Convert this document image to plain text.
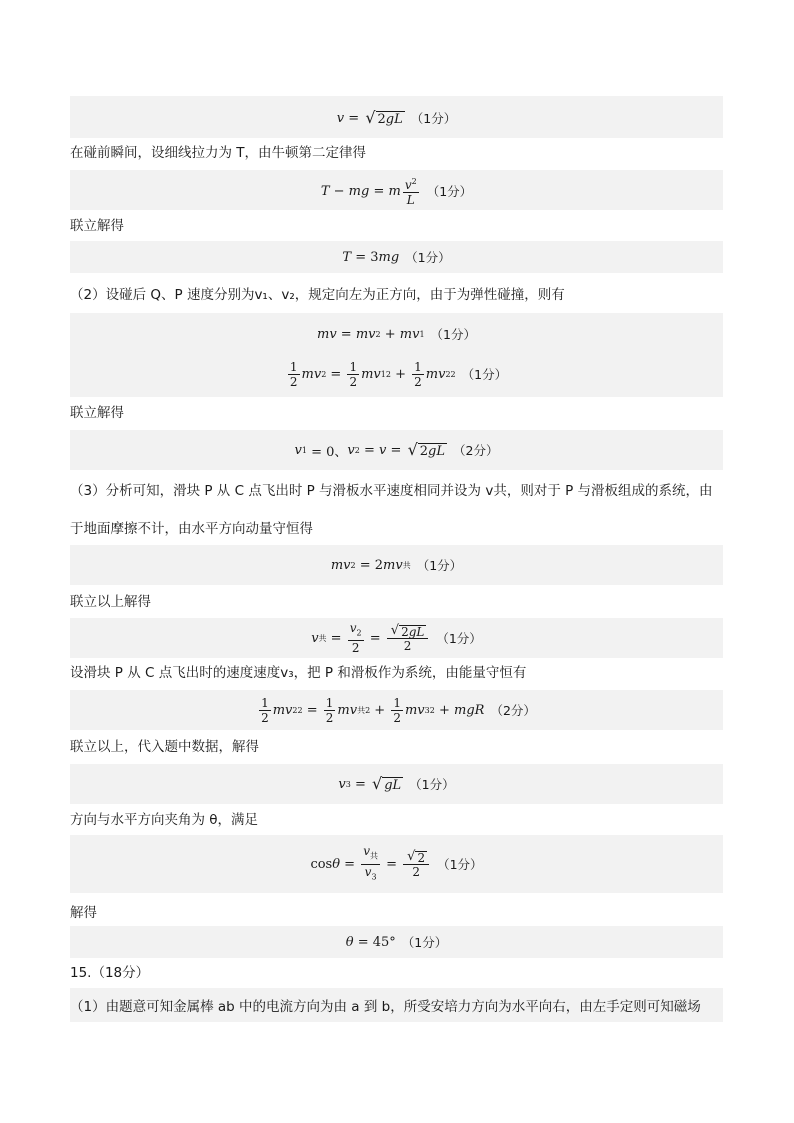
v = √ 2gL （1分）
在碰前瞬间，设细线拉力为 T，由牛顿第二定律得
T − mg = m $\frac{v^2}{L} (1$分）
联立解得
T = 3 mg （1分）
（2）设碰后 Q、P 速度分别为v₁、v₂，规定向左为正方向，由于为弹性碰撞，则有
mv = mv 2 + mv 1 （1分）
$\frac{1}{2}$ mv $2 = \frac{1}{2}$ mv 1 $2 + \frac{1}{2}$ mv 2 2 （1分）
联立解得
v 1 = 0、 v 2 = v = √ 2gL （2分）
（3）分析可知，滑块 P 从 C 点飞出时 P 与滑板水平速度相同并设为 v共，则对于 P 与滑板组成的系统，由
于地面摩擦不计，由水平方向动量守恒得
mv 2 = 2 mv 共 （1分）
联立以上解得
v 共 = $\frac{v_2}{2} = \frac{√ 2gL}{2} (1$分）
设滑块 P 从 C 点飞出时的速度速度v₃，把 P 和滑板作为系统，由能量守恒有
$\frac{1}{2}$ mv 2 $2 = \frac{1}{2}$ mv 共 $2 + \frac{1}{2}$ mv 3 2 + mgR （2分）
联立以上，代入题中数据，解得
v 3 = √ gL （1分）
方向与水平方向夹角为 θ，满足
$\cos \theta = \frac{v_共}{v_3} = \frac{√ 2}{2} (1$分）
解得
θ = 45° （1分）
15.（18分）
（1）由题意可知金属棒 ab 中的电流方向为由 a 到 b，所受安培力方向为水平向右，由左手定则可知磁场
